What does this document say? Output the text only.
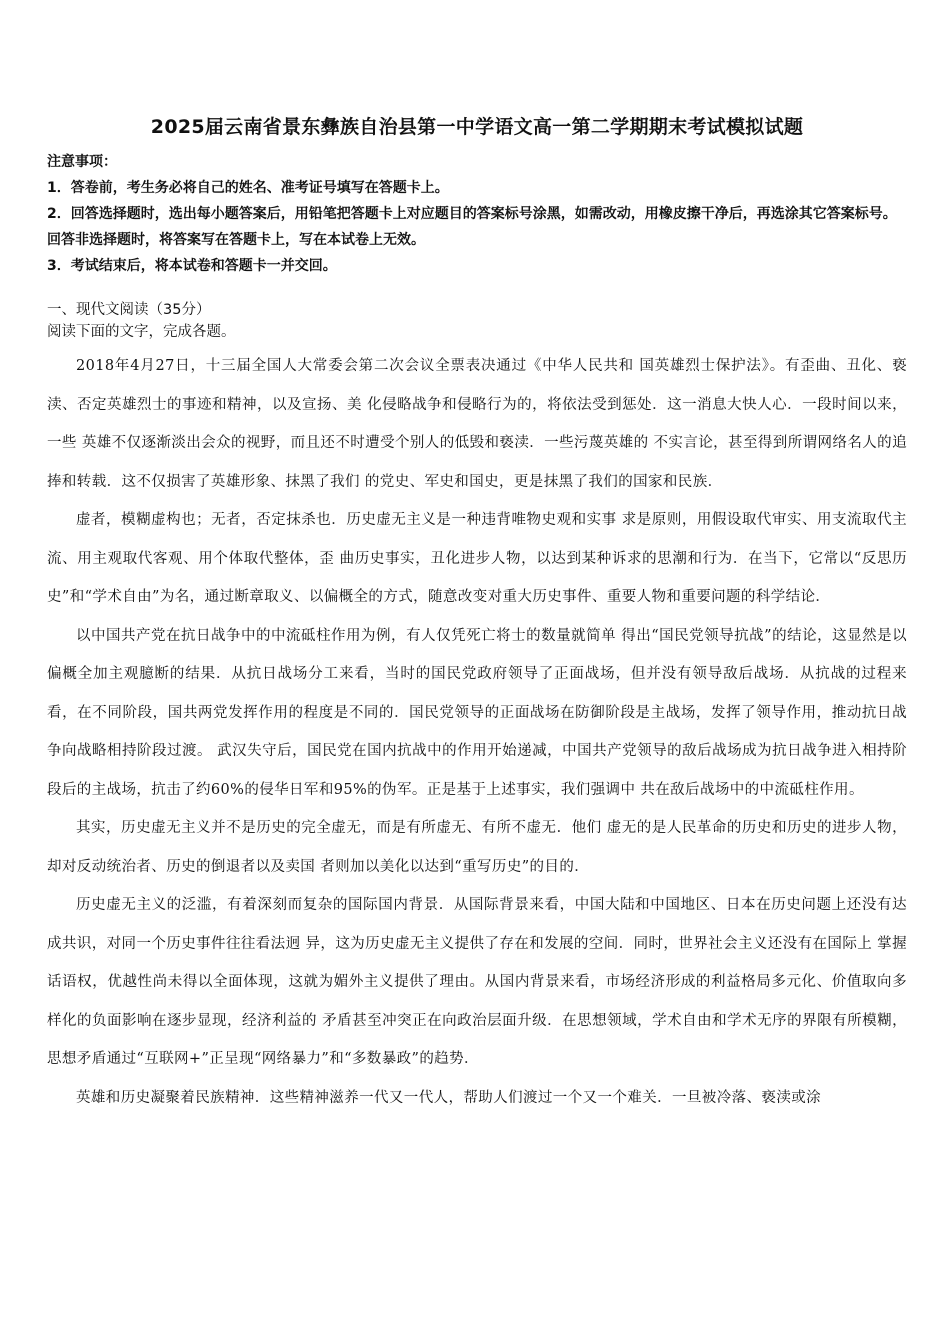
2025届云南省景东彝族自治县第一中学语文高一第二学期期末考试模拟试题

注意事项：

1．答卷前，考生务必将自己的姓名、准考证号填写在答题卡上。

2．回答选择题时，选出每小题答案后，用铅笔把答题卡上对应题目的答案标号涂黑，如需改动，用橡皮擦干净后，再选涂其它答案标号。回答非选择题时，将答案写在答题卡上，写在本试卷上无效。

3．考试结束后，将本试卷和答题卡一并交回。

一、现代文阅读（35分）

阅读下面的文字，完成各题。

2018年4月27日，十三届全国人大常委会第二次会议全票表决通过《中华人民共和 国英雄烈士保护法》。有歪曲、丑化、亵渎、否定英雄烈士的事迹和精神，以及宣扬、美 化侵略战争和侵略行为的，将依法受到惩处．这一消息大快人心．一段时间以来，一些 英雄不仅逐渐淡出会众的视野，而且还不时遭受个别人的低毁和亵渎．一些污蔑英雄的 不实言论，甚至得到所谓网络名人的追捧和转载．这不仅损害了英雄形象、抹黑了我们 的党史、军史和国史，更是抹黑了我们的国家和民族．

虚者，模糊虚构也；无者，否定抹杀也．历史虚无主义是一种违背唯物史观和实事 求是原则，用假设取代审实、用支流取代主流、用主观取代客观、用个体取代整体，歪 曲历史事实，丑化进步人物，以达到某种诉求的思潮和行为．在当下，它常以“反思历 史”和“学术自由”为名，通过断章取义、以偏概全的方式，随意改变对重大历史事件、重要人物和重要问题的科学结论．

以中国共产党在抗日战争中的中流砥柱作用为例，有人仅凭死亡将士的数量就简单 得出“国民党领导抗战”的结论，这显然是以偏概全加主观臆断的结果．从抗日战场分工来看，当时的国民党政府领导了正面战场，但并没有领导敌后战场．从抗战的过程来看，在不同阶段，国共两党发挥作用的程度是不同的．国民党领导的正面战场在防御阶段是主战场，发挥了领导作用，推动抗日战争向战略相持阶段过渡。 武汉失守后，国民党在国内抗战中的作用开始递减，中国共产党领导的敌后战场成为抗日战争进入相持阶段后的主战场，抗击了约60%的侵华日军和95%的伪军。正是基于上述事实，我们强调中 共在敌后战场中的中流砥柱作用。

其实，历史虚无主义并不是历史的完全虚无，而是有所虚无、有所不虚无．他们 虚无的是人民革命的历史和历史的进步人物，却对反动统治者、历史的倒退者以及卖国 者则加以美化以达到“重写历史”的目的．

历史虚无主义的泛滥，有着深刻而复杂的国际国内背景．从国际背景来看，中国大陆和中国地区、日本在历史问题上还没有达成共识，对同一个历史事件往往看法迥 异，这为历史虚无主义提供了存在和发展的空间．同时，世界社会主义还没有在国际上 掌握话语权，优越性尚未得以全面体现，这就为媚外主义提供了理由。从国内背景来看，市场经济形成的利益格局多元化、价值取向多样化的负面影响在逐步显现，经济利益的 矛盾甚至冲突正在向政治层面升级．在思想领域，学术自由和学术无序的界限有所模糊，思想矛盾通过“互联网+”正呈现“网络暴力”和“多数暴政”的趋势．

英雄和历史凝聚着民族精神．这些精神滋养一代又一代人，帮助人们渡过一个又一个难关．一旦被冷落、亵渎或涂
